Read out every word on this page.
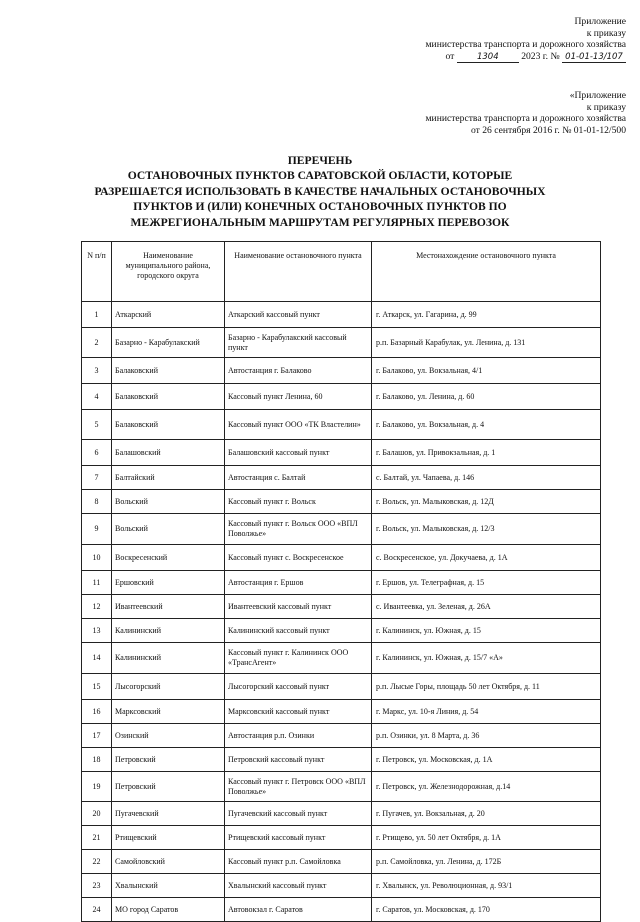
Приложение
к приказу
министерства транспорта и дорожного хозяйства
от	1304 2023 г. № 01-01-13/107
«Приложение
к приказу
министерства транспорта и дорожного хозяйства
от 26 сентября 2016 г. № 01-01-12/500
ПЕРЕЧЕНЬ
ОСТАНОВОЧНЫХ ПУНКТОВ САРАТОВСКОЙ ОБЛАСТИ, КОТОРЫЕ
РАЗРЕШАЕТСЯ ИСПОЛЬЗОВАТЬ В КАЧЕСТВЕ НАЧАЛЬНЫХ ОСТАНОВОЧНЫХ
ПУНКТОВ И (ИЛИ) КОНЕЧНЫХ ОСТАНОВОЧНЫХ ПУНКТОВ ПО
МЕЖРЕГИОНАЛЬНЫМ МАРШРУТАМ РЕГУЛЯРНЫХ ПЕРЕВОЗОК
N п/п	Наименование муниципального района, городского округа	Наименование остановочного пункта	Местонахождение остановочного пункта
1	Аткарский	Аткарский кассовый пункт	г. Аткарск, ул. Гагарина, д. 99
2	Базарно - Карабулакский	Базарно - Карабулакский кассовый пункт	р.п. Базарный Карабулак, ул. Ленина, д. 131
3	Балаковский	Автостанция г. Балаково	г. Балаково, ул. Вокзальная, 4/1
4	Балаковский	Кассовый пункт Ленина, 60	г. Балаково, ул. Ленина, д. 60
5	Балаковский	Кассовый пункт ООО «ТК Властелин»	г. Балаково, ул. Вокзальная, д. 4
6	Балашовский	Балашовский кассовый пункт	г. Балашов, ул. Привокзальная, д. 1
7	Балтайский	Автостанция с. Балтай	с. Балтай, ул. Чапаева, д. 146
8	Вольский	Кассовый пункт г. Вольск	г. Вольск, ул. Малыковская, д. 12Д
9	Вольский	Кассовый пункт г. Вольск ООО «ВПЛ Поволжье»	г. Вольск, ул. Малыковская, д. 12/3
10	Воскресенский	Кассовый пункт с. Воскресенское	с. Воскресенское, ул. Докучаева, д. 1А
11	Ершовский	Автостанция г. Ершов	г. Ершов, ул. Телеграфная, д. 15
12	Ивантеевский	Ивантеевский кассовый пункт	с. Ивантеевка, ул. Зеленая, д. 26А
13	Калининский	Калининский кассовый пункт	г. Калининск, ул. Южная, д. 15
14	Калининский	Кассовый пункт г. Калининск ООО «ТрансАгент»	г. Калининск, ул. Южная, д. 15/7 «А»
15	Лысогорский	Лысогорский кассовый пункт	р.п. Лысые Горы, площадь 50 лет Октября, д. 11
16	Марксовский	Марксовский кассовый пункт	г. Маркс, ул. 10-я Линия, д. 54
17	Озинский	Автостанция р.п. Озинки	р.п. Озинки, ул. 8 Марта, д. 36
18	Петровский	Петровский кассовый пункт	г. Петровск, ул. Московская, д. 1А
19	Петровский	Кассовый пункт г. Петровск ООО «ВПЛ Поволжье»	г. Петровск, ул. Железнодорожная, д.14
20	Пугачевский	Пугачевский кассовый пункт	г. Пугачев, ул. Вокзальная, д. 20
21	Ртищевский	Ртищевский кассовый пункт	г. Ртищево, ул. 50 лет Октября, д. 1А
22	Самойловский	Кассовый пункт р.п. Самойловка	р.п. Самойловка, ул. Ленина, д. 172Б
23	Хвалынский	Хвалынский кассовый пункт	г. Хвалынск, ул. Революционная, д. 93/1
24	МО город Саратов	Автовокзал г. Саратов	г. Саратов, ул. Московская, д. 170
